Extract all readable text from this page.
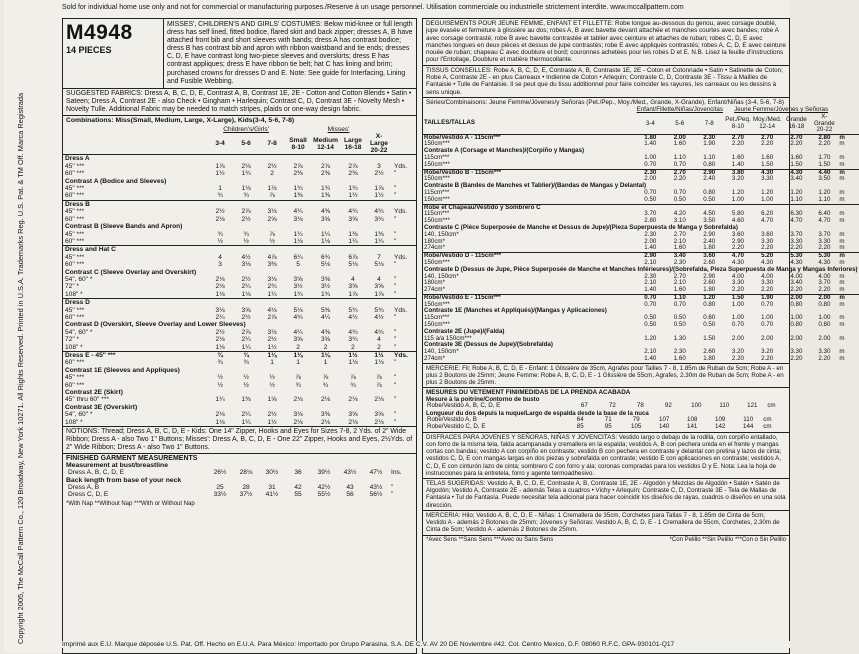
Sold for individual home use only and not for commercial or manufacturing purposes./Reserve à un usage personnel. Utilisation commerciale ou industrielle strictement interdite. www.mccallpattern.com
Copyright 2005, The McCall Pattern Co., 120 Broadway, New York 10271. All Rights Reserved. Printed in U.S.A. Trademarks Reg. U.S. Pat. & TM Off. Marca Registrada
M4948
14 PIECES
MISSES', CHILDREN'S AND GIRLS' COSTUMES: Below mid-knee or full length dress has self lined, fitted bodice, flared skirt and back zipper; dresses A, B have attached front bib and short sleeves with bands; dress A has contrast bodice; dress B has contrast bib and apron with ribbon waistband and tie ends; dresses C, D, E have contrast long two-piece sleeves and overskirts; dress E has contrast appliques; dress E have ribbon tie belt; hat C has lining and brim; purchased crowns for dresses D and E. Note: See guide for Interfacing, Lining and Fusible Webbing.
SUGGESTED FABRICS: Dress A, B, C, D, E, Contrast A, B, Contrast 1E, 2E - Cotton and Cotton Blends • Satin • Sateen; Dress A, Contrast 2E - also Check • Gingham • Harlequin; Contrast C, D, Contrast 3E - Novelty Mesh • Novelty Tulle. Additional Fabric may be needed to match stripes, plaids or one-way design fabric.
Combinations: Miss(Small, Medium, Large, X-Large), Kids(3-4, 5-6, 7-8)
	Children's/Girls'			Misses'				
	3-4	5-6	7-8	Small 8-10	Medium 12-14	Large 16-18	X-Large 20-22	
Dress A								
45" ***	1⅞	2⅛	2½	2⅞	2⅞	2⅞	3	Yds.
60" ***	1½	1¾	2	2⅜	2⅜	2⅜	2½	"
Contrast A (Bodice and Sleeves)								
45" ***	1	1⅛	1⅛	1¾	1¾	1¾	1⅞	"
60" ***	¾	¾	⅞	1⅜	1⅜	1½	1½	"
Dress B								
45" ***	2½	2⅞	3⅛	4¼	4⅜	4¾	4¾	Yds.
60" ***	2⅛	2½	2⅝	3⅛	3⅝	3⅝	3¾	"
Contrast B (Sleeve Bands and Apron)								
45" ***	¾	¾	⅞	1¼	1¼	1⅜	1⅜	"
60" ***	½	½	½	1⅛	1⅛	1¼	1¼	"
Dress and Hat C								
45" ***	4	4½	4⅞	6¼	6¾	6⅞	7	Yds.
60" ***	3	3⅛	3⅜	5	5⅛	5⅛	5⅛	"
Contrast C (Sleeve Overlay and Overskirt)								
54", 60" *	2⅛	2½	3⅛	3⅝	3⅝	4	4	"
72" *	2⅛	2¼	2¾	3½	3½	3⅝	3⅝	"
108" *	1⅛	1⅛	1¼	1¾	1¾	1⅞	1⅞	"
Dress D								
45" ***	3⅛	3⅝	4⅛	5⅛	5⅜	5¾	5¾	Yds.
60" ***	2¼	2½	2⅞	4¾	4¼	4½	4½	"
Contrast D (Overskirt, Sleeve Overlay and Lower Sleeves)								
54", 60" *	2½	2⅞	3⅛	4¼	4⅜	4¾	4¾	"
72" *	2⅛	2¼	2½	3⅝	3⅝	3¾	4	"
108" *	1⅛	1¼	1½	2	2	2	2	"
Dress E - 45" ***	¾	¾	1⅛	1⅛	1⅛	1½	1½	Yds.
60" ***	¾	¾	1	1	1	1⅛	1⅛	"
Contrast 1E (Sleeves and Appliques)								
45" ***	½	½	½	⅞	⅞	⅞	⅞	"
60" ***	½	½	½	¾	¾	¾	⅞	"
Contrast 2E (Skirt)								
45" thru 60" ***	1¼	1⅜	1⅝	2⅛	2⅛	2⅛	2⅛	"
Contrast 3E (Overskirt)								
54", 60" *	2⅛	2¼	2½	3⅛	3⅜	3⅝	3⅝	"
108" *	1⅛	1¼	1½	2⅛	2⅛	2⅛	2⅛	"
NOTIONS: Thread; Dress A, B, C, D, E - Kids: One 14" Zipper, Hooks and Eyes for Sizes 7-8, 2 Yds. of 2" Wide Ribbon; Dress A - also Two 1" Buttons; Misses': Dress A, B, C, D, E - One 22" Zipper, Hooks and Eyes, 2½Yds. of 2" Wide Ribbon; Dress A - also Two 1" Buttons.
FINISHED GARMENT MEASUREMENTS
Measurement at bust/breastline
Dress A, B, C, D, E	26½	28⅛	30½	36	39½	43½	47½	Ins.
Back length from base of your neck
Dress A, B	25	28	31	42	42½	43	43½	"
Dress C, D, E	33½	37½	41½	55	55½	56	56½	"
*With Nap **Without Nap ***With or Without Nap
DEGUISEMENTS POUR JEUNE FEMME, ENFANT ET FILLETTE: Robe longue au-dessous du genou, avec corsage doublé, jupe évasée et fermeture à glissière au dos; robes A, B avec bavette devant attachée et manches courtes avec bandes; robe A avec corsage contrasté; robe B avec bavette contrastée et tablier avec ceinture et attaches de ruban; robes C, D, E avec manches longues en deux pièces et dessus de jupe contrastés; robe E avec appliqués contrastés; robes A, C, D, E avec ceinture nouée de ruban; chapeau C avec doublure et bord; couronnes achetées pour les robes D et E. N.B. Lisez la feuille d'instructions pour l'Entoilage, Doublure et matière thermocollante.
TISSUS CONSEILLES: Robe A, B, C, D, E, Contraste A, B, Contraste 1E, 2E - Coton et Cotonnade • Satin • Satinette de Coton; Robe A, Contraste 2E - en plus Carreaux • Indienne de Coton • Arlequin; Contraste C, D, Contraste 3E - Tissu à Mailles de Fantaisie • Tulle de Fantaisie. Il se peut que du tissu additionnel pour faire coincider les rayures, les carreaux ou les dessins à sens unique.
Séries/Combinaisons: Jeune Femme/Jóvenes/y Señoras (Pet./Pep., Moy./Med., Grande, X-Grande), Enfant/Niñas (3-4, 5-6, 7-8)
	Enfant/Fillette/Niñas/Jovencitas			Jeune Femme/Jóvenes y Señoras				
TAILLES/TALLAS	3-4	5-6	7-8	Pet./Peq. 8-10	Moy./Med. 12-14	Grande 16-18	X-Grande 20-22	
Robe/Vestido A - 115cm***	1.80	2.00	2.30	2.70	2.70	2.70	2.80	m
150cm***	1.40	1.60	1.90	2.20	2.20	2.20	2.20	m
Contraste A (Corsage et Manches)/(Corpiño y Mangas)								
115cm***	1.00	1.10	1.10	1.60	1.60	1.60	1.70	m
150cm***	0.70	0.70	0.80	1.40	1.50	1.50	1.50	m
Robe/Vestido B - 115cm***	2.30	2.70	2.90	3.80	4.30	4.30	4.40	m
150cm***	2.00	2.20	2.40	3.20	3.30	3.40	3.50	m
Contraste B (Bandes de Manches et Tablier)/(Bandas de Mangas y Delantal)								
115cm***	0.70	0.70	0.80	1.20	1.20	1.20	1.20	m
150cm***	0.50	0.50	0.50	1.00	1.00	1.10	1.10	m
Robe et Chapeau/Vestido y Sombrero C								
115cm***	3.70	4.20	4.50	5.80	6.20	6.30	6.40	m
150cm***	2.80	3.10	3.50	4.60	4.70	4.70	4.70	m
Contraste C (Pièce Superposée de Manche et Dessus de Jupe)/(Pieza Superpuesta de Manga y Sobrefalda)								
140, 150cm*	2.30	2.70	2.90	3.60	3.60	3.70	3.70	m
180cm*	2.00	2.10	2.40	2.90	3.30	3.30	3.30	m
274cm*	1.40	1.60	1.80	2.20	2.20	2.20	2.20	m
Robe/Vestido D - 115cm***	2.90	3.40	3.60	4.70	5.20	5.30	5.30	m
150cm***	2.10	2.30	2.60	4.30	4.30	4.30	4.30	m
Contraste D (Dessus de Jupe, Pièce Superposée de Manche et Manches Inférieures)/(Sobrefalda, Pieza Superpuesta de Manga y Mangas Inferiores)								
140, 150cm*	2.30	2.70	2.90	4.00	4.00	4.00	4.00	m
180cm*	2.10	2.10	2.60	3.30	3.30	3.40	3.70	m
274cm*	1.40	1.60	1.80	2.20	2.20	2.20	2.20	m
Robe/Vestido E - 115cm***	0.70	1.10	1.20	1.50	1.90	2.00	2.00	m
150cm***	0.70	0.70	0.80	1.00	0.70	0.80	0.80	m
Contraste 1E (Manches et Appliqués)/(Mangas y Aplicaciones)								
115cm***	0.50	0.50	0.60	1.00	1.00	1.00	1.00	m
150cm***	0.50	0.50	0.50	0.70	0.70	0.80	0.80	m
Contraste 2E (Jupe)/(Falda)								
115 à/a 150cm***	1.20	1.30	1.50	2.00	2.00	2.00	2.00	m
Contraste 3E (Dessus de Jupe)/(Sobrefalda)								
140, 150cm*	2.10	2.30	2.60	3.20	3.20	3.30	3.30	m
274cm*	1.40	1.60	1.80	2.20	2.20	2.20	2.20	m
MERCERIE: Fil; Robe A, B, C, D, E - Enfant: 1 Glissière de 35cm, Agrafes pour Tailles 7 - 8, 1.85m de Ruban de 5cm; Robe A - en plus 2 Boutons de 25mm; Jeune Femme: Robe A, B, C, D, E - 1 Glissière de 55cm, Agrafes, 2.30m de Ruban de 5cm; Robe A - en plus 2 Boutons de 25mm.
MESURES DU VETEMENT FINI/MEDIDAS DE LA PRENDA ACABADA
Mesure à la poitrine/Contorno de busto
Robe/Vestido A, B, C, D, E	67	72	78	92	100	110	121	cm
Longueur du dos depuis la nuque/Largo de espalda desde la base de la nuca
Robe/Vestido A, B	64	71	79	107	108	109	110	cm
Robe/Vestido C, D, E	85	95	105	140	141	142	144	cm
DISFRACES PARA JOVENES Y SEÑORAS, NIÑAS Y JOVENCITAS: Vestido largo o debajo de la rodilla, con corpiño entallado, con forro de la misma tela, falda acampanada y cremallera en la espalda; vestidos A, B con pechera unida en el frente y mangas cortas con bandas; vestido A con corpiño en contraste; vestido B con pechera en contraste y delantal con pretina y lazos de cinta; vestidos C, D, E con mangas largas en dos piezas y sobrefalda en contraste; vestido E con aplicaciones en contraste; vestidos A, C, D, E con cinturón lazo de cinta; sombrero C con forro y ala; coronas compradas para los vestidos D y E. Nota: Lea la hoja de instrucciones para la entretela, forro y agente termoadhesivo.
TELAS SUGERIDAS: Vestido A, B, C, D, E, Contraste A, B, Contraste 1E, 2E - Algodón y Mezclas de Algodón • Satén • Satén de Algodón; Vestido A, Contraste 2E - además Telas a cuadros • Vichy • Arlequín; Contraste C, D, Contraste 3E - Tela de Mallas de Fantasía • Tul de Fantasía. Puede necesitar tela adicional para hacer coincidir los diseños de rayas, cuadros o diseños en una sola dirección.
MERCERIA: Hilo; Vestido A, B, C, D, E - Niñas: 1 Cremallera de 35cm, Corchetes para Tallas 7 - 8, 1.85m de Cinta de 5cm; Vestido A - además 2 Botones de 25mm; Jóvenes y Señoras: Vestido A, B, C, D, E - 1 Cremallera de 55cm, Corchetes, 2.30m de Cinta de 5cm; Vestido A - además 2 Botones de 25mm.
*Avec Sens **Sans Sens ***Avec ou Sans Sens	*Con Pelillo **Sin Pelillo ***Con o Sin Pelillo
Imprimé aux E.U. Marque déposée U.S. Pat. Off. Hecho en E.U.A. Para México: Importado por Grupo Parasina. S.A. DE C.V. AV 20 DE Noviembre #42. Col. Centro Mexico, D.F. 08060 R.F.C. GPA-930101-Q17
